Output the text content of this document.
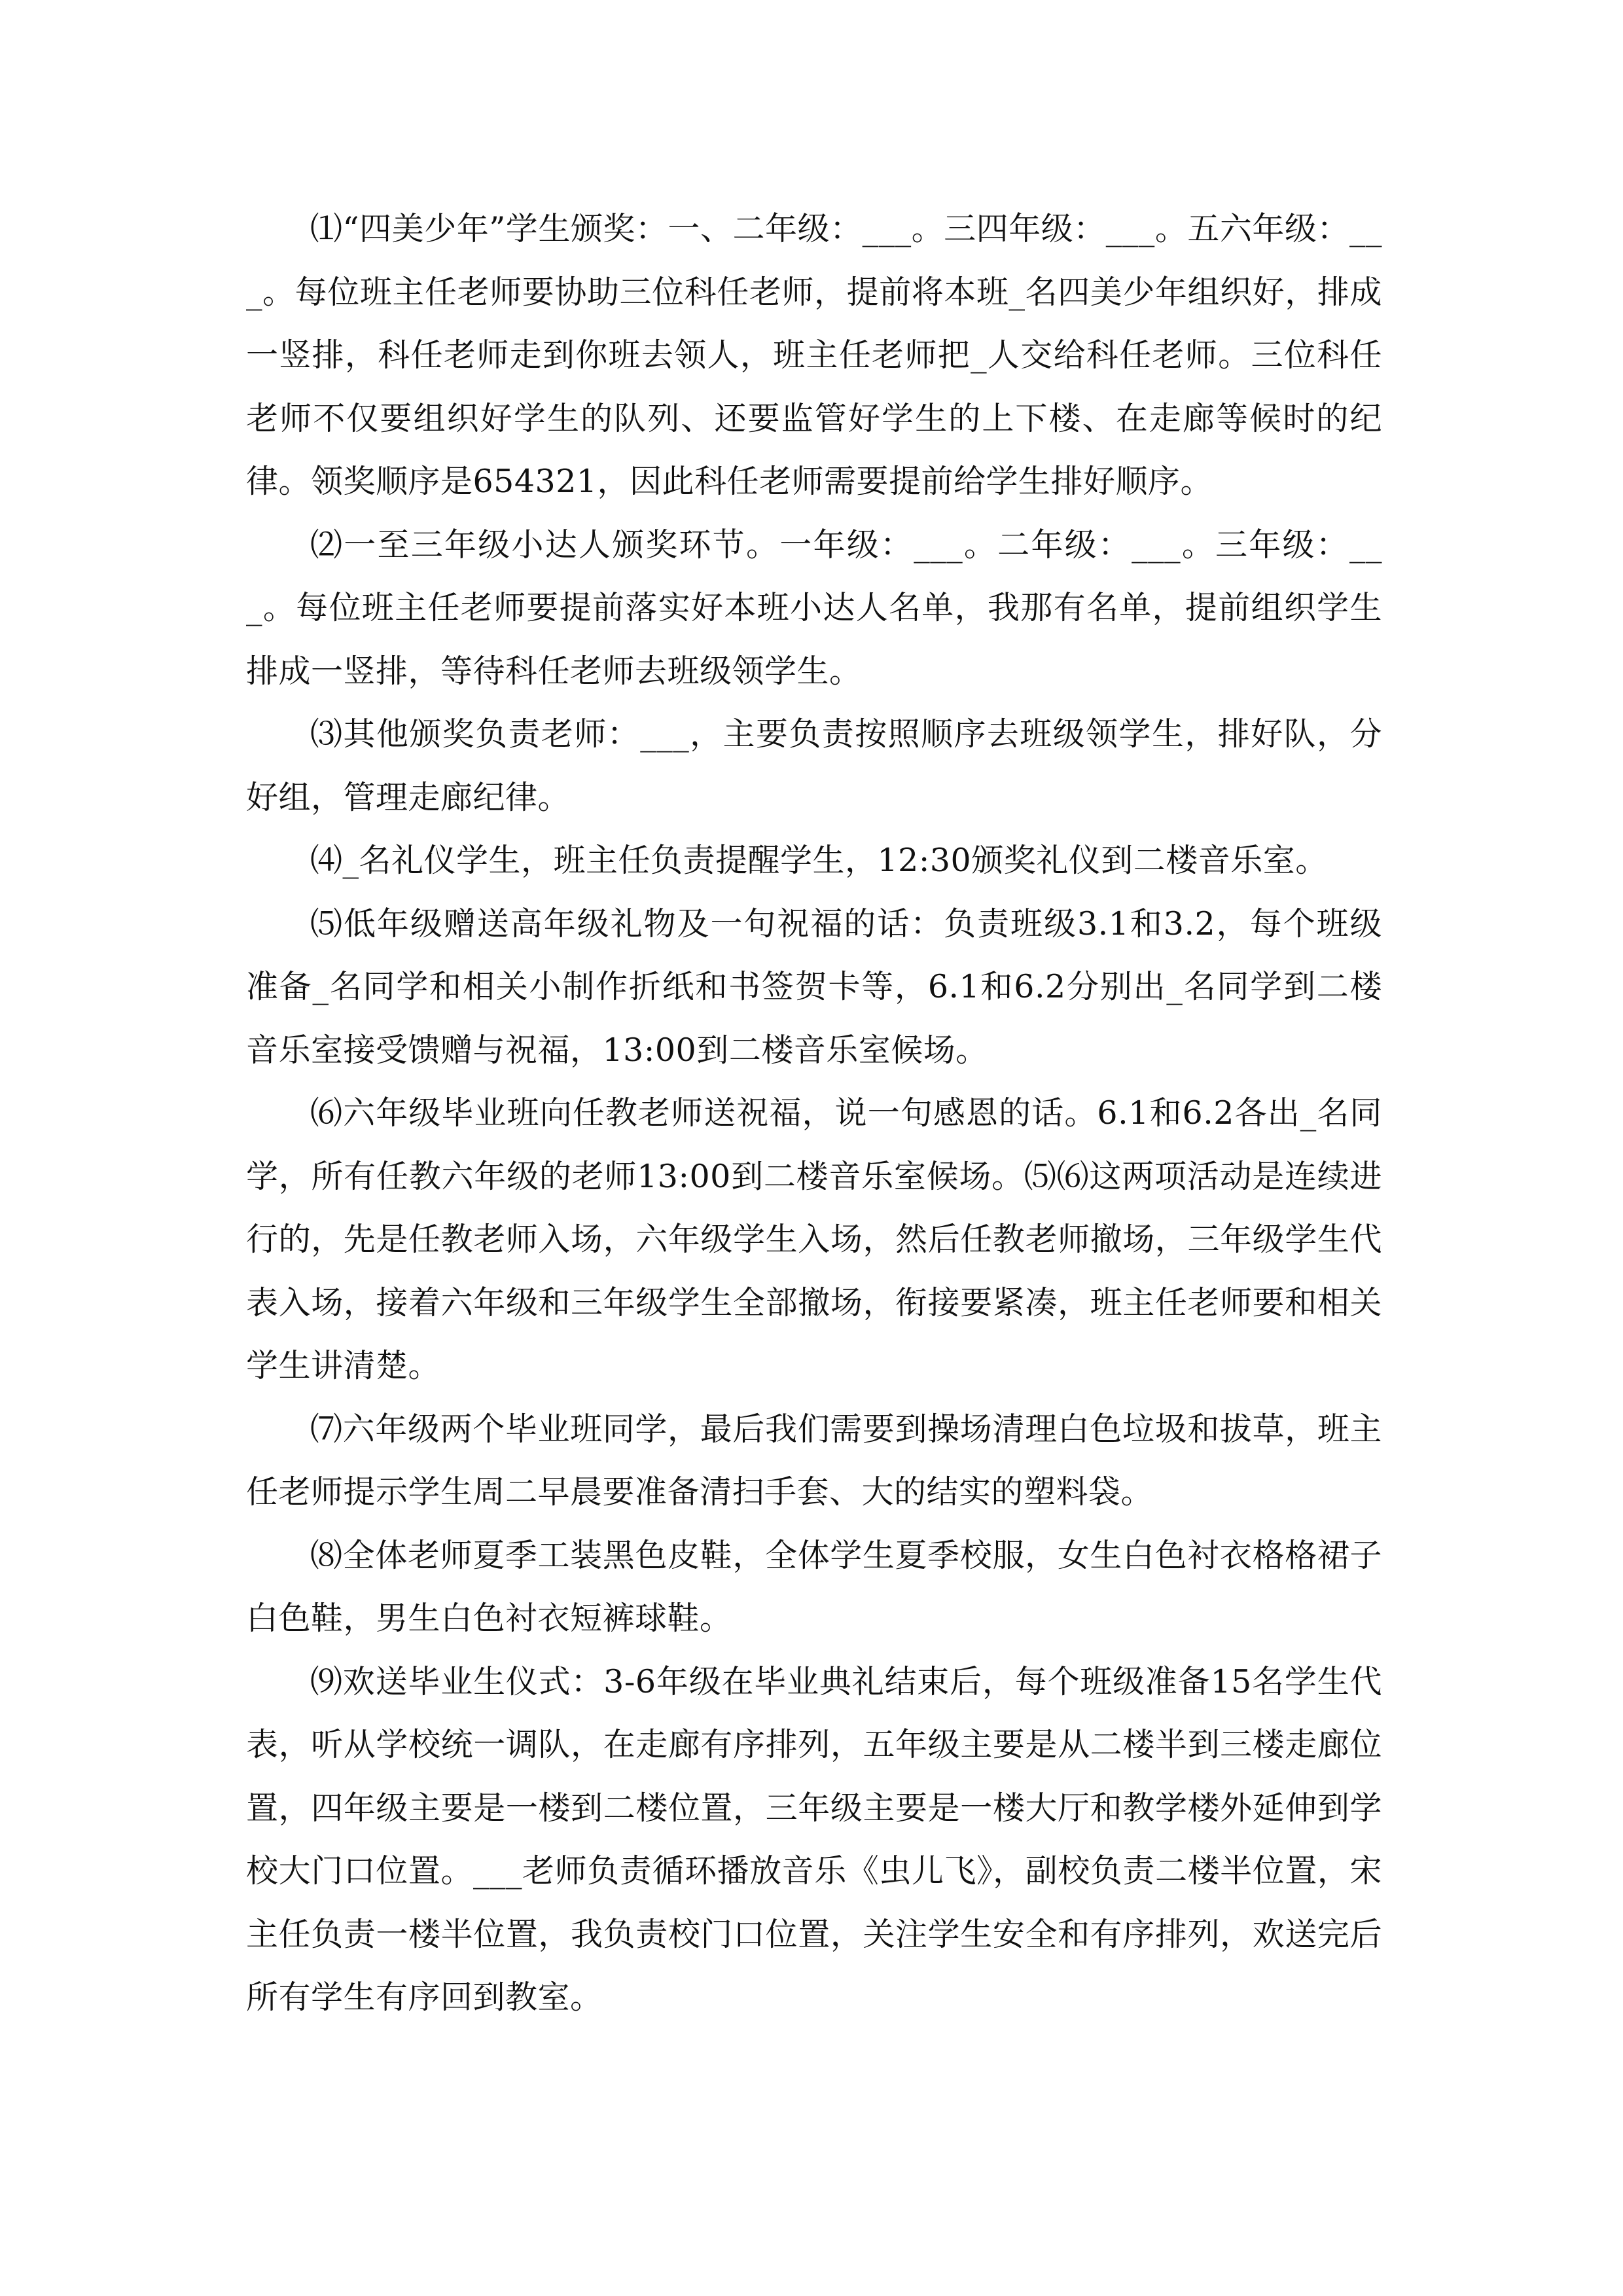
⑴“四美少年”学生颁奖：一、二年级：___。三四年级：___。五六年级：___。每位班主任老师要协助三位科任老师，提前将本班_名四美少年组织好，排成一竖排，科任老师走到你班去领人，班主任老师把_人交给科任老师。三位科任老师不仅要组织好学生的队列、还要监管好学生的上下楼、在走廊等候时的纪律。领奖顺序是654321，因此科任老师需要提前给学生排好顺序。

⑵一至三年级小达人颁奖环节。一年级：___。二年级：___。三年级：___。每位班主任老师要提前落实好本班小达人名单，我那有名单，提前组织学生排成一竖排，等待科任老师去班级领学生。

⑶其他颁奖负责老师：___，主要负责按照顺序去班级领学生，排好队，分好组，管理走廊纪律。

⑷_名礼仪学生，班主任负责提醒学生，12:30颁奖礼仪到二楼音乐室。

⑸低年级赠送高年级礼物及一句祝福的话：负责班级3.1和3.2，每个班级准备_名同学和相关小制作折纸和书签贺卡等，6.1和6.2分别出_名同学到二楼音乐室接受馈赠与祝福，13:00到二楼音乐室候场。

⑹六年级毕业班向任教老师送祝福，说一句感恩的话。6.1和6.2各出_名同学，所有任教六年级的老师13:00到二楼音乐室候场。⑸⑹这两项活动是连续进行的，先是任教老师入场，六年级学生入场，然后任教老师撤场，三年级学生代表入场，接着六年级和三年级学生全部撤场，衔接要紧凑，班主任老师要和相关学生讲清楚。

⑺六年级两个毕业班同学，最后我们需要到操场清理白色垃圾和拔草，班主任老师提示学生周二早晨要准备清扫手套、大的结实的塑料袋。

⑻全体老师夏季工装黑色皮鞋，全体学生夏季校服，女生白色衬衣格格裙子白色鞋，男生白色衬衣短裤球鞋。

⑼欢送毕业生仪式：3-6年级在毕业典礼结束后，每个班级准备15名学生代表，听从学校统一调队，在走廊有序排列，五年级主要是从二楼半到三楼走廊位置，四年级主要是一楼到二楼位置，三年级主要是一楼大厅和教学楼外延伸到学校大门口位置。___老师负责循环播放音乐《虫儿飞》，副校负责二楼半位置，宋主任负责一楼半位置，我负责校门口位置，关注学生安全和有序排列，欢送完后所有学生有序回到教室。
